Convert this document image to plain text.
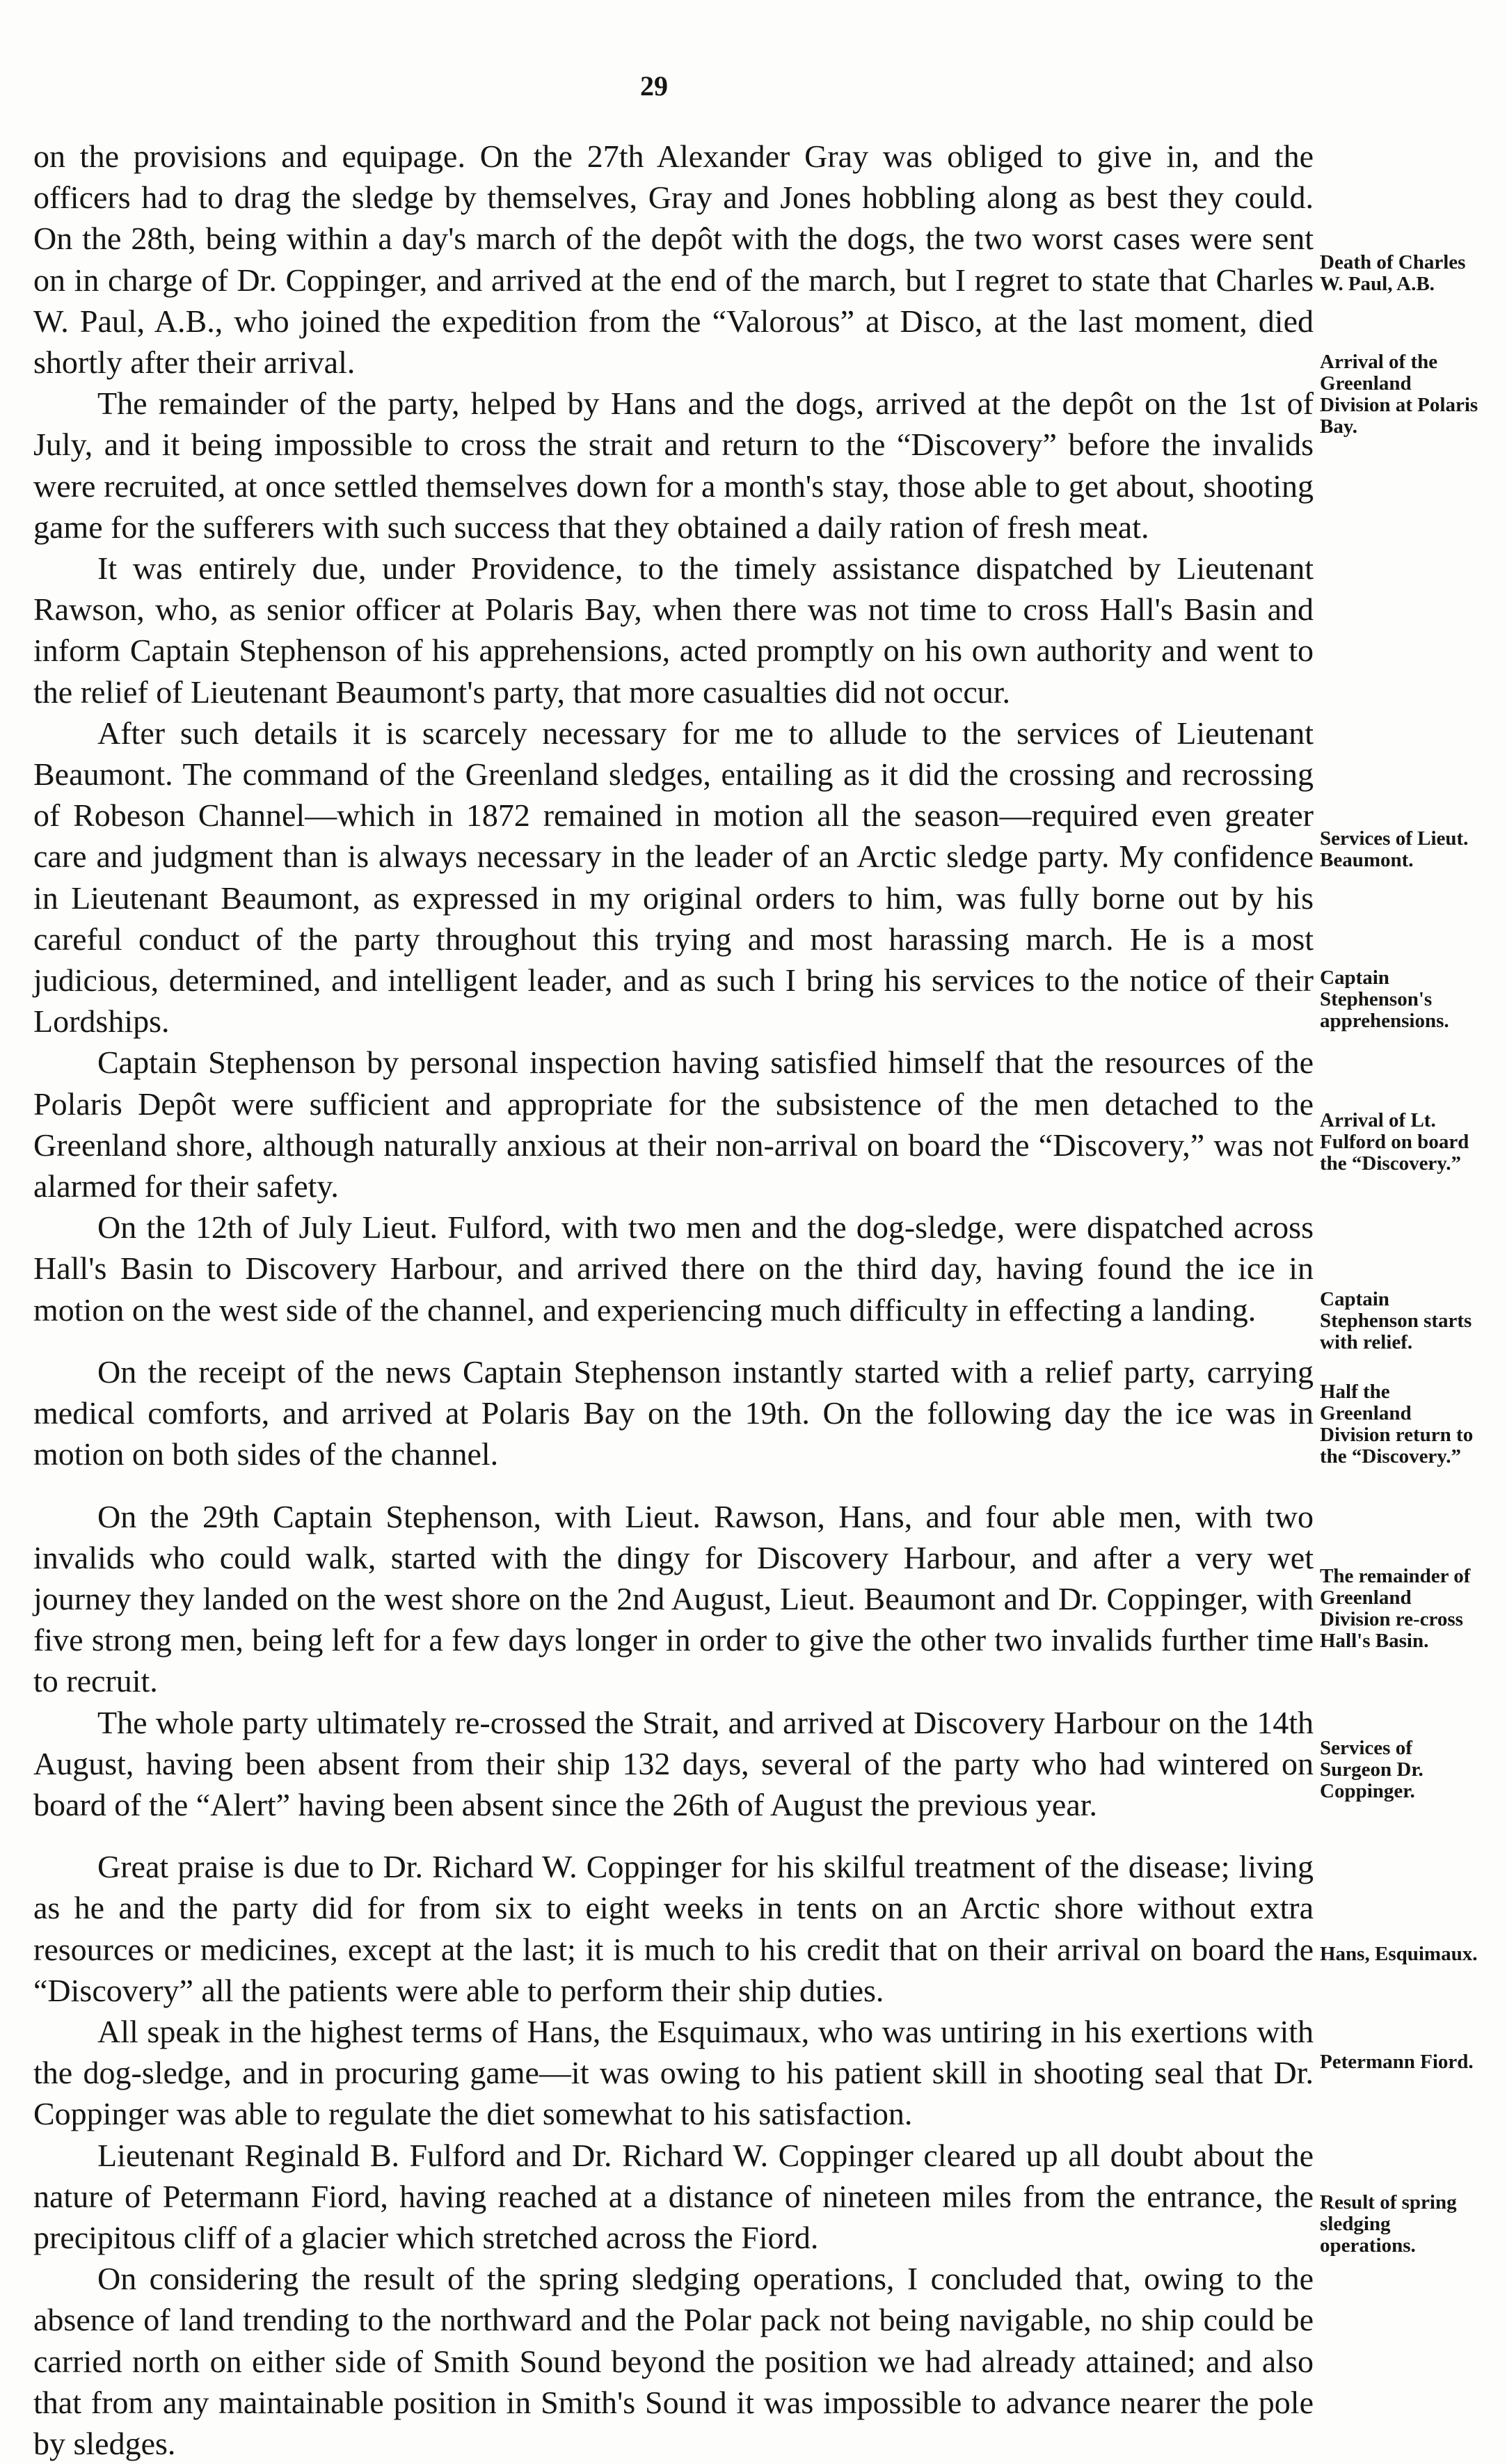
29

on the provisions and equipage. On the 27th Alexander Gray was obliged to give in, and the officers had to drag the sledge by themselves, Gray and Jones hobbling along as best they could. On the 28th, being within a day's march of the depôt with the dogs, the two worst cases were sent on in charge of Dr. Coppinger, and arrived at the end of the march, but I regret to state that Charles W. Paul, A.B., who joined the expedition from the “Valorous” at Disco, at the last moment, died shortly after their arrival.

The remainder of the party, helped by Hans and the dogs, arrived at the depôt on the 1st of July, and it being impossible to cross the strait and return to the “Discovery” before the invalids were recruited, at once settled themselves down for a month's stay, those able to get about, shooting game for the sufferers with such success that they obtained a daily ration of fresh meat.

It was entirely due, under Providence, to the timely assistance dispatched by Lieutenant Rawson, who, as senior officer at Polaris Bay, when there was not time to cross Hall's Basin and inform Captain Stephenson of his apprehensions, acted promptly on his own authority and went to the relief of Lieutenant Beaumont's party, that more casualties did not occur.

After such details it is scarcely necessary for me to allude to the services of Lieutenant Beaumont. The command of the Greenland sledges, entailing as it did the crossing and recrossing of Robeson Channel—which in 1872 remained in motion all the season—required even greater care and judgment than is always necessary in the leader of an Arctic sledge party. My confidence in Lieutenant Beaumont, as expressed in my original orders to him, was fully borne out by his careful conduct of the party throughout this trying and most harassing march. He is a most judicious, determined, and intelligent leader, and as such I bring his services to the notice of their Lordships.

Captain Stephenson by personal inspection having satisfied himself that the resources of the Polaris Depôt were sufficient and appropriate for the subsistence of the men detached to the Greenland shore, although naturally anxious at their non-arrival on board the “Discovery,” was not alarmed for their safety.

On the 12th of July Lieut. Fulford, with two men and the dog-sledge, were dispatched across Hall's Basin to Discovery Harbour, and arrived there on the third day, having found the ice in motion on the west side of the channel, and experiencing much difficulty in effecting a landing.

On the receipt of the news Captain Stephenson instantly started with a relief party, carrying medical comforts, and arrived at Polaris Bay on the 19th. On the following day the ice was in motion on both sides of the channel.

On the 29th Captain Stephenson, with Lieut. Rawson, Hans, and four able men, with two invalids who could walk, started with the dingy for Discovery Harbour, and after a very wet journey they landed on the west shore on the 2nd August, Lieut. Beaumont and Dr. Coppinger, with five strong men, being left for a few days longer in order to give the other two invalids further time to recruit.

The whole party ultimately re-crossed the Strait, and arrived at Discovery Harbour on the 14th August, having been absent from their ship 132 days, several of the party who had wintered on board of the “Alert” having been absent since the 26th of August the previous year.

Great praise is due to Dr. Richard W. Coppinger for his skilful treatment of the disease; living as he and the party did for from six to eight weeks in tents on an Arctic shore without extra resources or medicines, except at the last; it is much to his credit that on their arrival on board the “Discovery” all the patients were able to perform their ship duties.

All speak in the highest terms of Hans, the Esquimaux, who was untiring in his exertions with the dog-sledge, and in procuring game—it was owing to his patient skill in shooting seal that Dr. Coppinger was able to regulate the diet somewhat to his satisfaction.

Lieutenant Reginald B. Fulford and Dr. Richard W. Coppinger cleared up all doubt about the nature of Petermann Fiord, having reached at a distance of nineteen miles from the entrance, the precipitous cliff of a glacier which stretched across the Fiord.

On considering the result of the spring sledging operations, I concluded that, owing to the absence of land trending to the northward and the Polar pack not being navigable, no ship could be carried north on either side of Smith Sound beyond the position we had already attained; and also that from any maintainable position in Smith's Sound it was impossible to advance nearer the pole by sledges.

Death of Charles W. Paul, A.B.
Arrival of the Greenland Division at Polaris Bay.
Services of Lieut. Beaumont.
Captain Stephenson's apprehensions.
Arrival of Lt. Fulford on board the “Discovery.”
Captain Stephenson starts with relief.
Half the Greenland Division return to the “Discovery.”
The remainder of Greenland Division re-cross Hall's Basin.
Services of Surgeon Dr. Coppinger.
Hans, Esquimaux.
Petermann Fiord.
Result of spring sledging operations.
